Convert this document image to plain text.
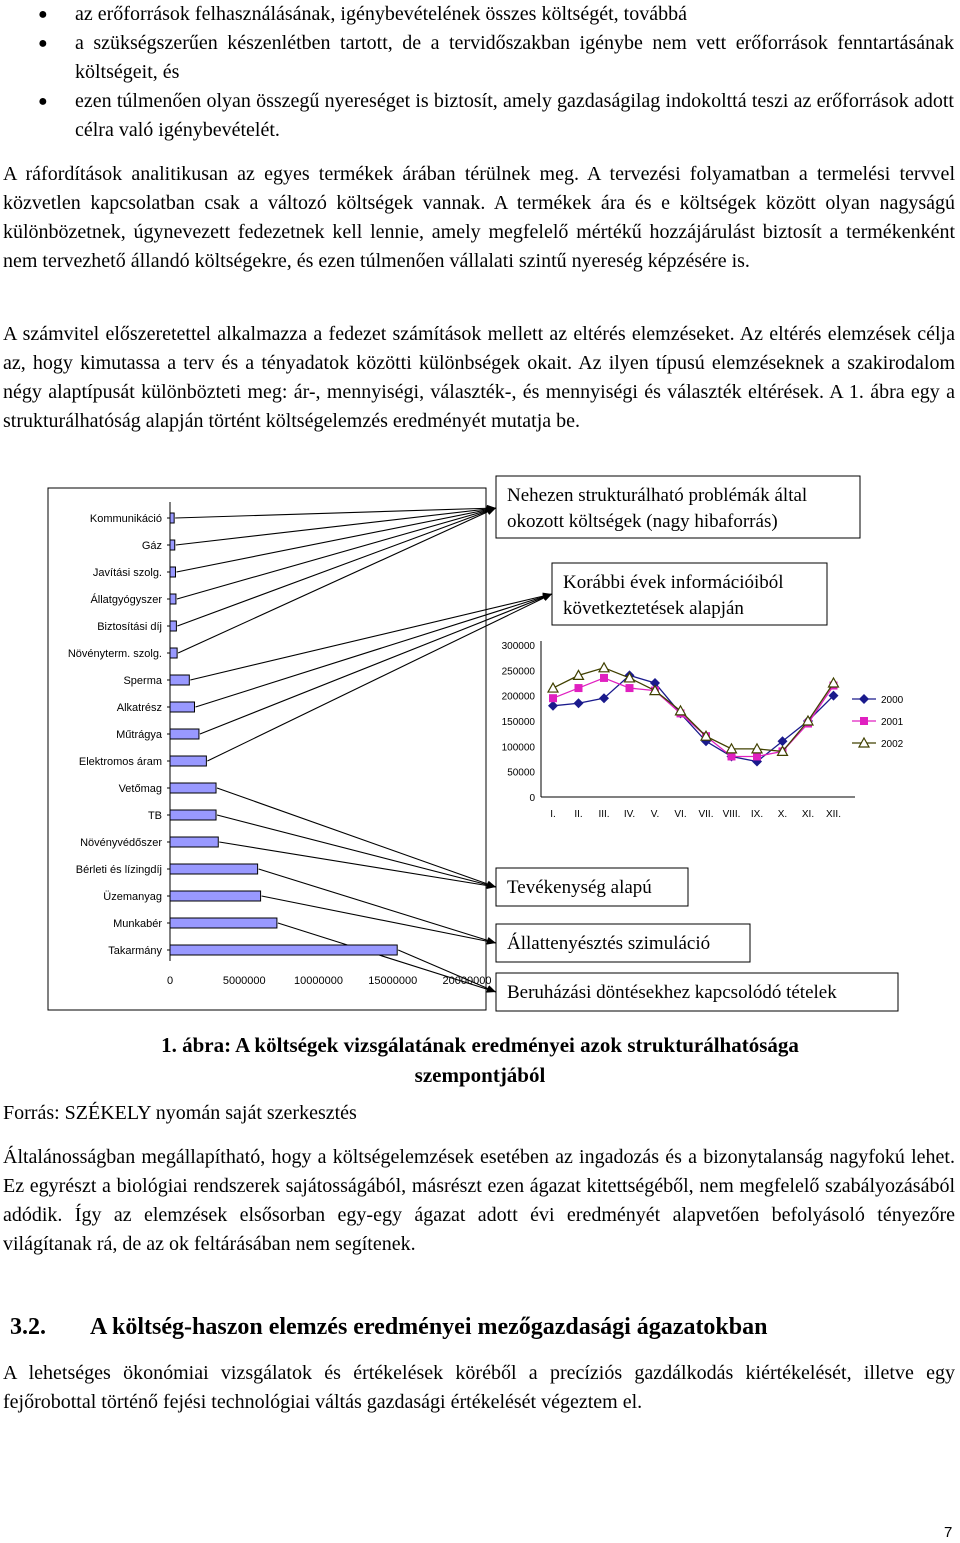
● az erőforrások felhasználásának, igénybevételének összes költségét, továbbá
● a szükségszerűen készenlétben tartott, de a tervidőszakban igénybe nem vett erőforrások fenntartásának költségeit, és
● ezen túlmenően olyan összegű nyereséget is biztosít, amely gazdaságilag indokolttá teszi az erőforrások adott célra való igénybevételét.

A ráfordítások analitikusan az egyes termékek árában térülnek meg. A tervezési folyamatban a termelési tervvel közvetlen kapcsolatban csak a változó költségek vannak. A termékek ára és e költségek között olyan nagyságú különbözetnek, úgynevezett fedezetnek kell lennie, amely megfelelő mértékű hozzájárulást biztosít a termékenként nem tervezhető állandó költségekre, és ezen túlmenően vállalati szintű nyereség képzésére is.

A számvitel előszeretettel alkalmazza a fedezet számítások mellett az eltérés elemzéseket. Az eltérés elemzések célja az, hogy kimutassa a terv és a tényadatok közötti különbségek okait. Az ilyen típusú elemzéseknek a szakirodalom négy alaptípusát különbözteti meg: ár-, mennyiségi, választék-, és mennyiségi és választék eltérések. A 1. ábra egy a strukturálhatóság alapján történt költségelemzés eredményét mutatja be.

Kommunikáció
Gáz
Javítási szolg.
Állatgyógyszer
Biztosítási díj
Növényterm. szolg.
Sperma
Alkatrész
Műtrágya
Elektromos áram
Vetőmag
TB
Növényvédőszer
Bérleti és lízingdíj
Üzemanyag
Munkabér
Takarmány
0	5000000	10000000 15000000 20000000
0
50000
100000
150000
200000
250000
300000
I. II. III. IV. V. VI. VII. VIII. IX. X. XI. XII.
2000
2001
2002
Nehezen strukturálható problémák által
okozott költségek (nagy hibaforrás)
Korábbi évek információiból
következtetések alapján
Tevékenység alapú
Állattenyésztés szimuláció
Beruházási döntésekhez kapcsolódó tételek

1. ábra: A költségek vizsgálatának eredményei azok strukturálhatósága
szempontjából

Forrás: SZÉKELY nyomán saját szerkesztés

Általánosságban megállapítható, hogy a költségelemzések esetében az ingadozás és a bizonytalanság nagyfokú lehet. Ez egyrészt a biológiai rendszerek sajátosságából, másrészt ezen ágazat kitettségéből, nem megfelelő szabályozásából adódik. Így az elemzések elsősorban egy-egy ágazat adott évi eredményét alapvetően befolyásoló tényezőre világítanak rá, de az ok feltárásában nem segítenek.

3.2. A költség-haszon elemzés eredményei mezőgazdasági ágazatokban

A lehetséges ökonómiai vizsgálatok és értékelések köréből a precíziós gazdálkodás kiértékelését, illetve egy fejőrobottal történő fejési technológiai váltás gazdasági értékelését végeztem el.

7
